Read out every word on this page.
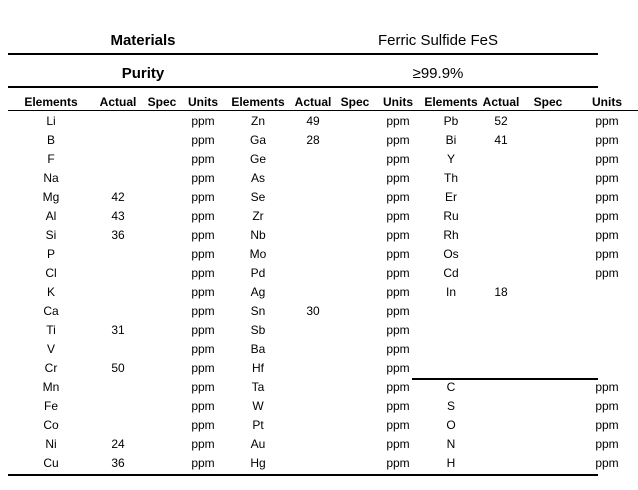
Materials	Ferric Sulfide FeS
Purity	≥99.9%
Elements	Actual	Spec	Units	Elements	Actual	Spec	Units	Elements	Actual	Spec	Units
Li			ppm	Zn	49		ppm	Pb	52		ppm
B			ppm	Ga	28		ppm	Bi	41		ppm
F			ppm	Ge			ppm	Y			ppm
Na			ppm	As			ppm	Th			ppm
Mg	42		ppm	Se			ppm	Er			ppm
Al	43		ppm	Zr			ppm	Ru			ppm
Si	36		ppm	Nb			ppm	Rh			ppm
P			ppm	Mo			ppm	Os			ppm
Cl			ppm	Pd			ppm	Cd			ppm
K			ppm	Ag			ppm	In	18		
Ca			ppm	Sn	30		ppm				
Ti	31		ppm	Sb			ppm				
V			ppm	Ba			ppm				
Cr	50		ppm	Hf			ppm				
Mn			ppm	Ta			ppm	C			ppm
Fe			ppm	W			ppm	S			ppm
Co			ppm	Pt			ppm	O			ppm
Ni	24		ppm	Au			ppm	N			ppm
Cu	36		ppm	Hg			ppm	H			ppm
